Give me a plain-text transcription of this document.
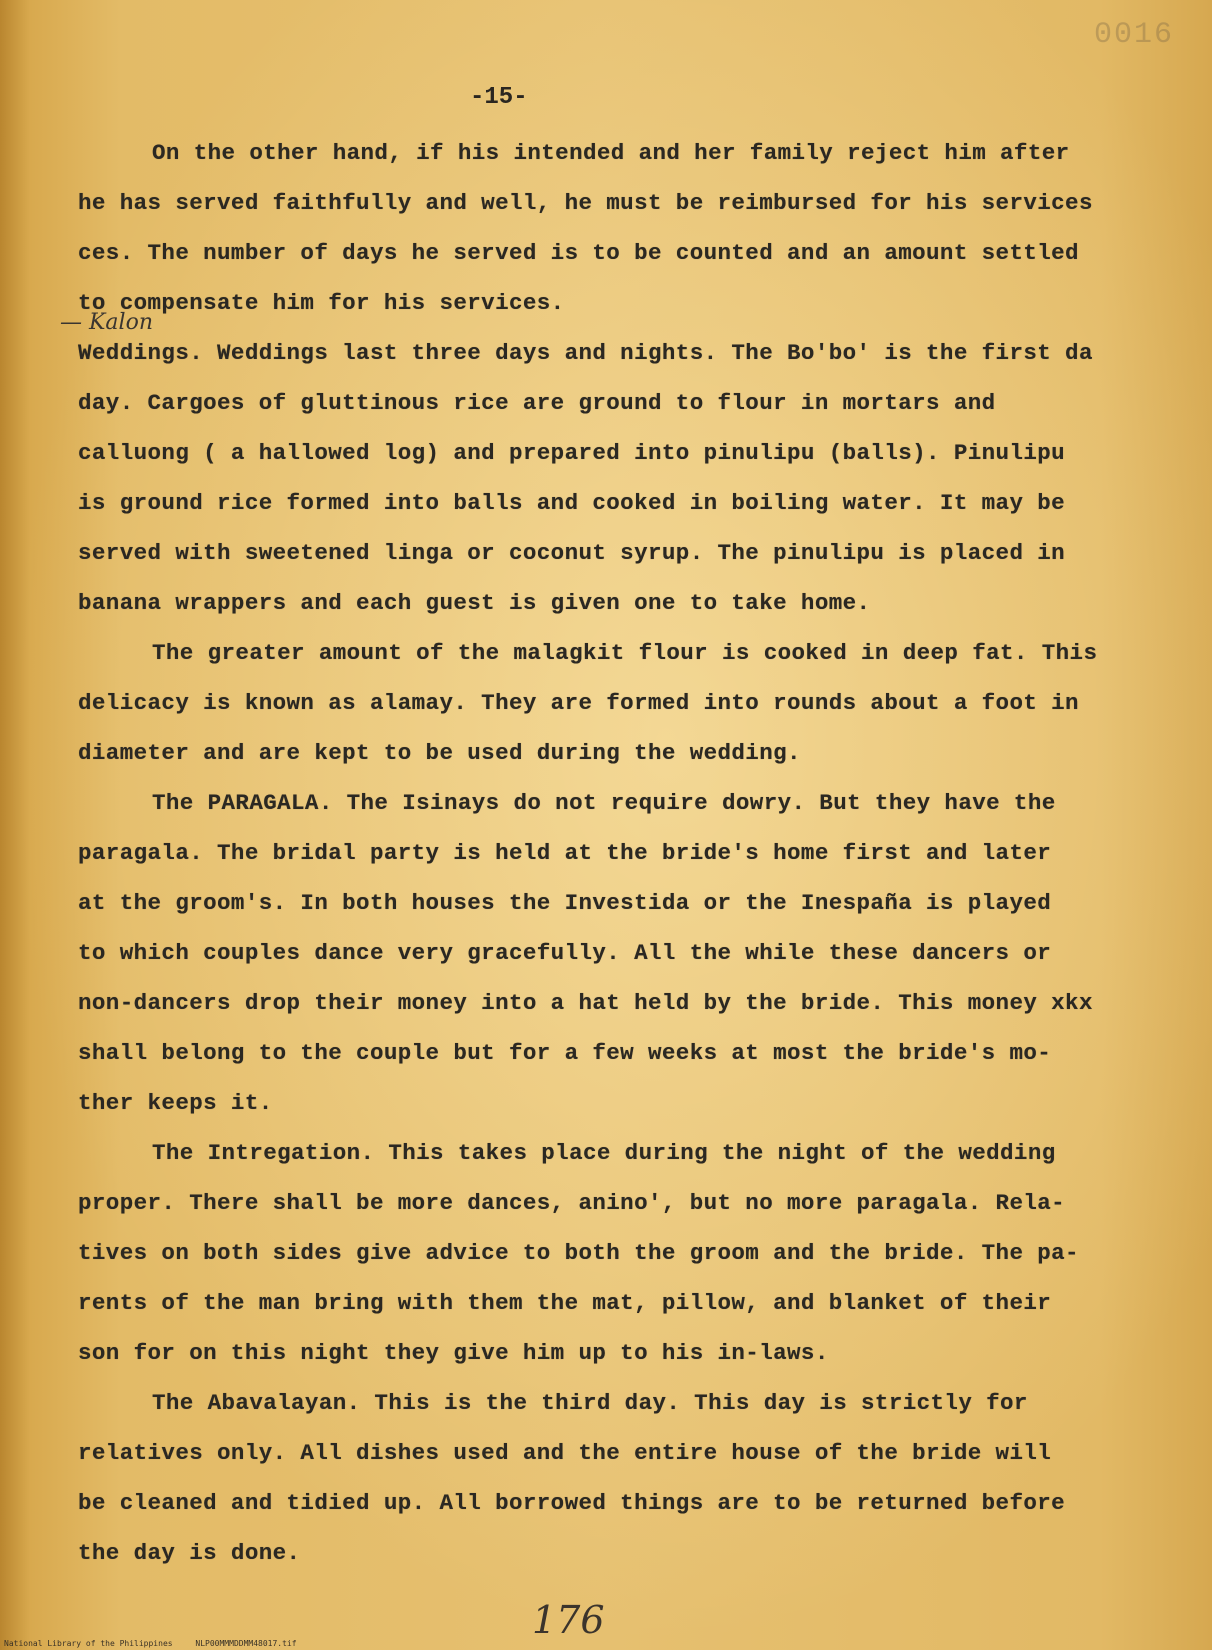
0016
-15-
— Kalon
On the other hand, if his intended and her family reject him after
he has served faithfully and well, he must be reimbursed for his services
ces. The number of days he served is to be counted and an amount settled
to compensate him for his services.
Weddings. Weddings last three days and nights. The Bo'bo' is the first da
day. Cargoes of gluttinous rice are ground to flour in mortars and
calluong ( a hallowed log) and prepared into pinulipu (balls). Pinulipu
is ground rice formed into balls and cooked in boiling water. It may be
served with sweetened linga or coconut syrup. The pinulipu is placed in
banana wrappers and each guest is given one to take home.
The greater amount of the malagkit flour is cooked in deep fat. This
delicacy is known as alamay. They are formed into rounds about a foot in
diameter and are kept to be used during the wedding.
The PARAGALA. The Isinays do not require dowry. But they have the
paragala. The bridal party is held at the bride's home first and later
at the groom's. In both houses the Investida or the Inespaña is played
to which couples dance very gracefully. All the while these dancers or
non-dancers drop their money into a hat held by the bride. This money xkx
shall belong to the couple but for a few weeks at most the bride's mo-
ther keeps it.
The Intregation. This takes place during the night of the wedding
proper. There shall be more dances, anino', but no more paragala. Rela-
tives on both sides give advice to both the groom and the bride. The pa-
rents of the man bring with them the mat, pillow, and blanket of their
son for on this night they give him up to his in-laws.
The Abavalayan. This is the third day. This day is strictly for
relatives only. All dishes used and the entire house of the bride will
be cleaned and tidied up. All borrowed things are to be returned before
the day is done.
176
National Library of the Philippines	NLP00MMMDDMM48017.tif
